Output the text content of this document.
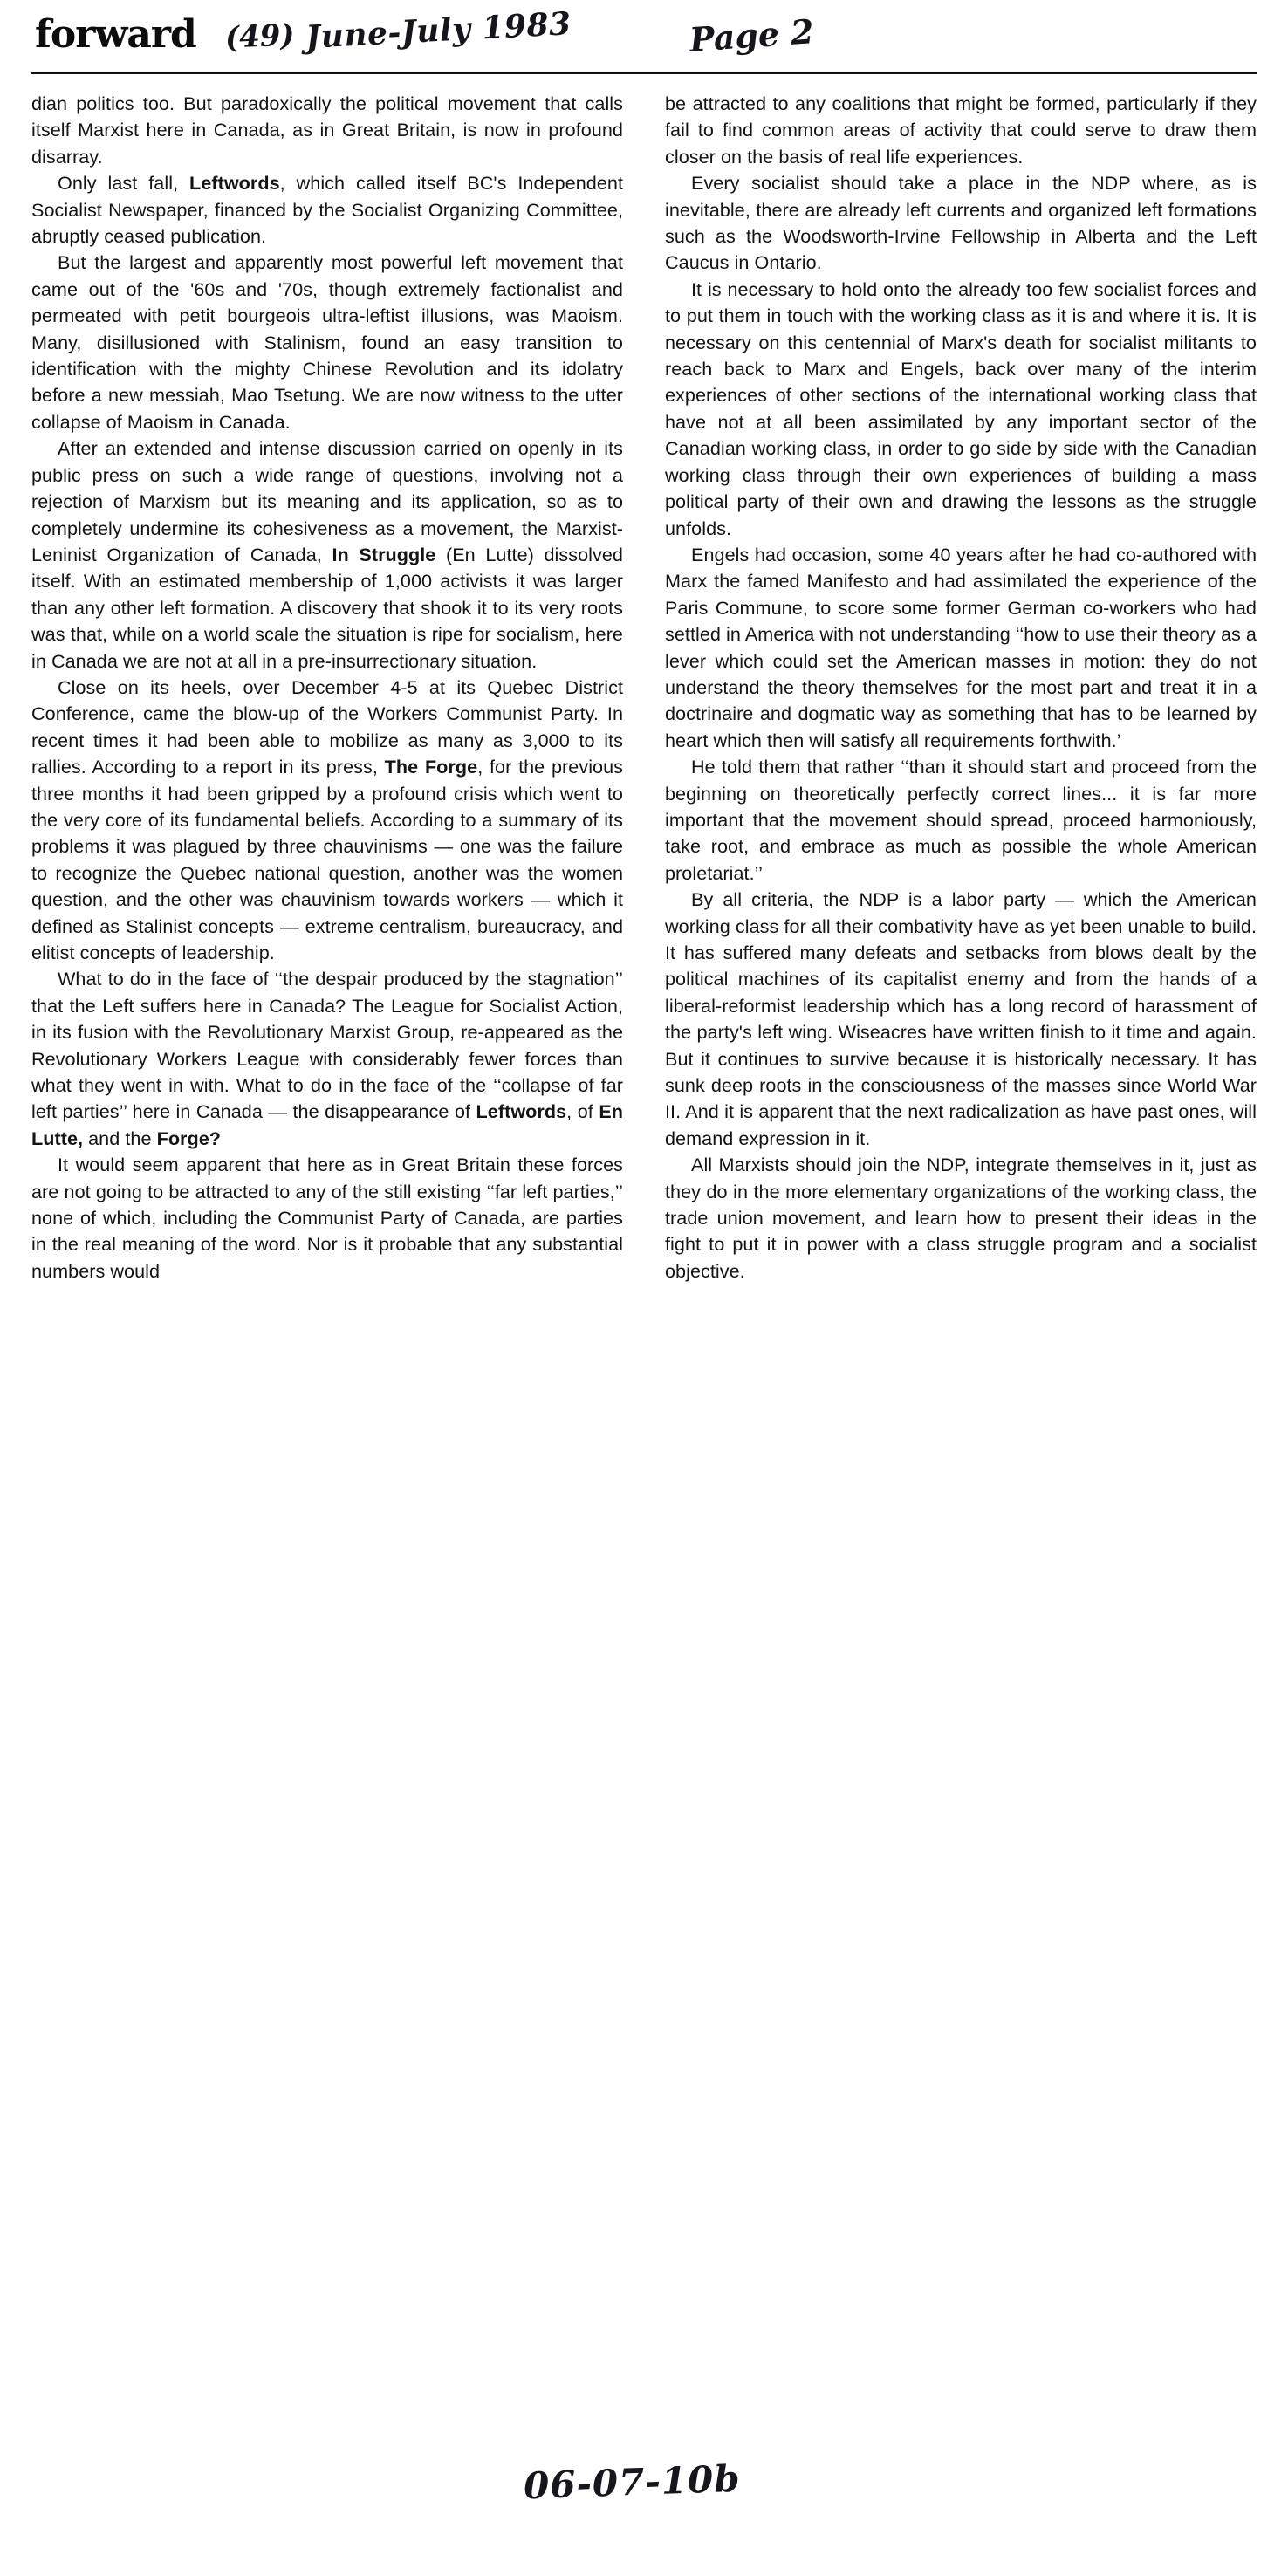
forward (49) June-July 1983	Page 2

dian politics too. But paradoxically the political movement that calls itself Marxist here in Canada, as in Great Britain, is now in profound disarray.

Only last fall, Leftwords, which called itself BC's Independent Socialist Newspaper, financed by the Socialist Organizing Committee, abruptly ceased publication.

But the largest and apparently most powerful left movement that came out of the '60s and '70s, though extremely factionalist and permeated with petit bourgeois ultra-leftist illusions, was Maoism. Many, disillusioned with Stalinism, found an easy transition to identification with the mighty Chinese Revolution and its idolatry before a new messiah, Mao Tsetung. We are now witness to the utter collapse of Maoism in Canada.

After an extended and intense discussion carried on openly in its public press on such a wide range of questions, involving not a rejection of Marxism but its meaning and its application, so as to completely undermine its cohesiveness as a movement, the Marxist-Leninist Organization of Canada, In Struggle (En Lutte) dissolved itself. With an estimated membership of 1,000 activists it was larger than any other left formation. A discovery that shook it to its very roots was that, while on a world scale the situation is ripe for socialism, here in Canada we are not at all in a pre-insurrectionary situation.

Close on its heels, over December 4-5 at its Quebec District Conference, came the blow-up of the Workers Communist Party. In recent times it had been able to mobilize as many as 3,000 to its rallies. According to a report in its press, The Forge, for the previous three months it had been gripped by a profound crisis which went to the very core of its fundamental beliefs. According to a summary of its problems it was plagued by three chauvinisms — one was the failure to recognize the Quebec national question, another was the women question, and the other was chauvinism towards workers — which it defined as Stalinist concepts — extreme centralism, bureaucracy, and elitist concepts of leadership.

What to do in the face of ‘‘the despair produced by the stagnation’’ that the Left suffers here in Canada? The League for Socialist Action, in its fusion with the Revolutionary Marxist Group, re-appeared as the Revolutionary Workers League with considerably fewer forces than what they went in with. What to do in the face of the ‘‘collapse of far left parties’’ here in Canada — the disappearance of Leftwords, of En Lutte, and the Forge?

It would seem apparent that here as in Great Britain these forces are not going to be attracted to any of the still existing ‘‘far left parties,’’ none of which, including the Communist Party of Canada, are parties in the real meaning of the word. Nor is it probable that any substantial numbers would

be attracted to any coalitions that might be formed, particularly if they fail to find common areas of activity that could serve to draw them closer on the basis of real life experiences.

Every socialist should take a place in the NDP where, as is inevitable, there are already left currents and organized left formations such as the Woodsworth-Irvine Fellowship in Alberta and the Left Caucus in Ontario.

It is necessary to hold onto the already too few socialist forces and to put them in touch with the working class as it is and where it is. It is necessary on this centennial of Marx's death for socialist militants to reach back to Marx and Engels, back over many of the interim experiences of other sections of the international working class that have not at all been assimilated by any important sector of the Canadian working class, in order to go side by side with the Canadian working class through their own experiences of building a mass political party of their own and drawing the lessons as the struggle unfolds.

Engels had occasion, some 40 years after he had co-authored with Marx the famed Manifesto and had assimilated the experience of the Paris Commune, to score some former German co-workers who had settled in America with not understanding ‘‘how to use their theory as a lever which could set the American masses in motion: they do not understand the theory themselves for the most part and treat it in a doctrinaire and dogmatic way as something that has to be learned by heart which then will satisfy all requirements forthwith.’

He told them that rather ‘‘than it should start and proceed from the beginning on theoretically perfectly correct lines... it is far more important that the movement should spread, proceed harmoniously, take root, and embrace as much as possible the whole American proletariat.’’

By all criteria, the NDP is a labor party — which the American working class for all their combativity have as yet been unable to build. It has suffered many defeats and setbacks from blows dealt by the political machines of its capitalist enemy and from the hands of a liberal-reformist leadership which has a long record of harassment of the party's left wing. Wiseacres have written finish to it time and again. But it continues to survive because it is historically necessary. It has sunk deep roots in the consciousness of the masses since World War II. And it is apparent that the next radicalization as have past ones, will demand expression in it.

All Marxists should join the NDP, integrate themselves in it, just as they do in the more elementary organizations of the working class, the trade union movement, and learn how to present their ideas in the fight to put it in power with a class struggle program and a socialist objective.

06-07-10b
